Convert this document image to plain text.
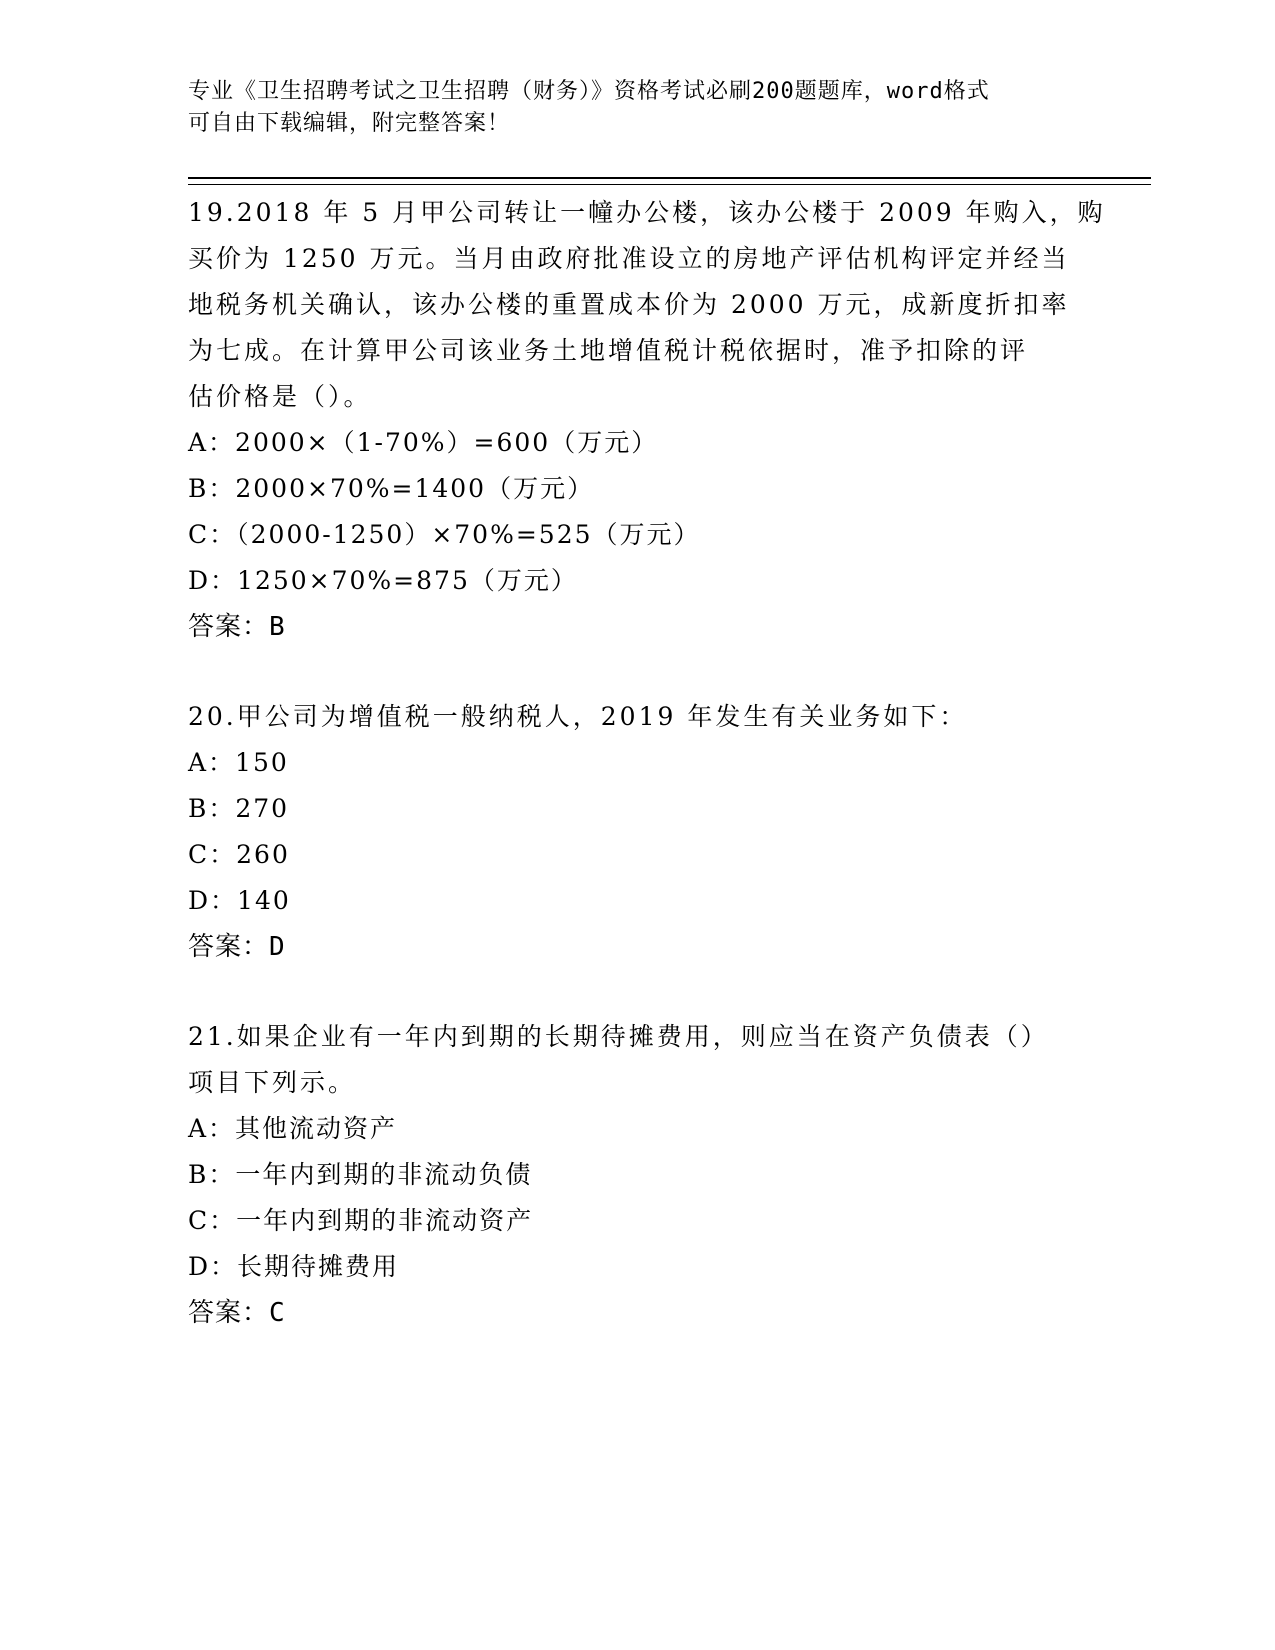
专业《卫生招聘考试之卫生招聘（财务）》资格考试必刷200题题库，word格式
可自由下载编辑，附完整答案！
19.2018 年 5 月甲公司转让一幢办公楼，该办公楼于 2009 年购入，购
买价为 1250 万元。当月由政府批准设立的房地产评估机构评定并经当
地税务机关确认，该办公楼的重置成本价为 2000 万元，成新度折扣率
为七成。在计算甲公司该业务土地增值税计税依据时，准予扣除的评
估价格是（）。
A：2000×（1-70%）=600（万元）
B：2000×70%=1400（万元）
C：（2000-1250）×70%=525（万元）
D：1250×70%=875（万元）
答案：B
20.甲公司为增值税一般纳税人，2019 年发生有关业务如下：
A：150
B：270
C：260
D：140
答案：D
21.如果企业有一年内到期的长期待摊费用，则应当在资产负债表（）
项目下列示。
A：其他流动资产
B：一年内到期的非流动负债
C：一年内到期的非流动资产
D：长期待摊费用
答案：C
